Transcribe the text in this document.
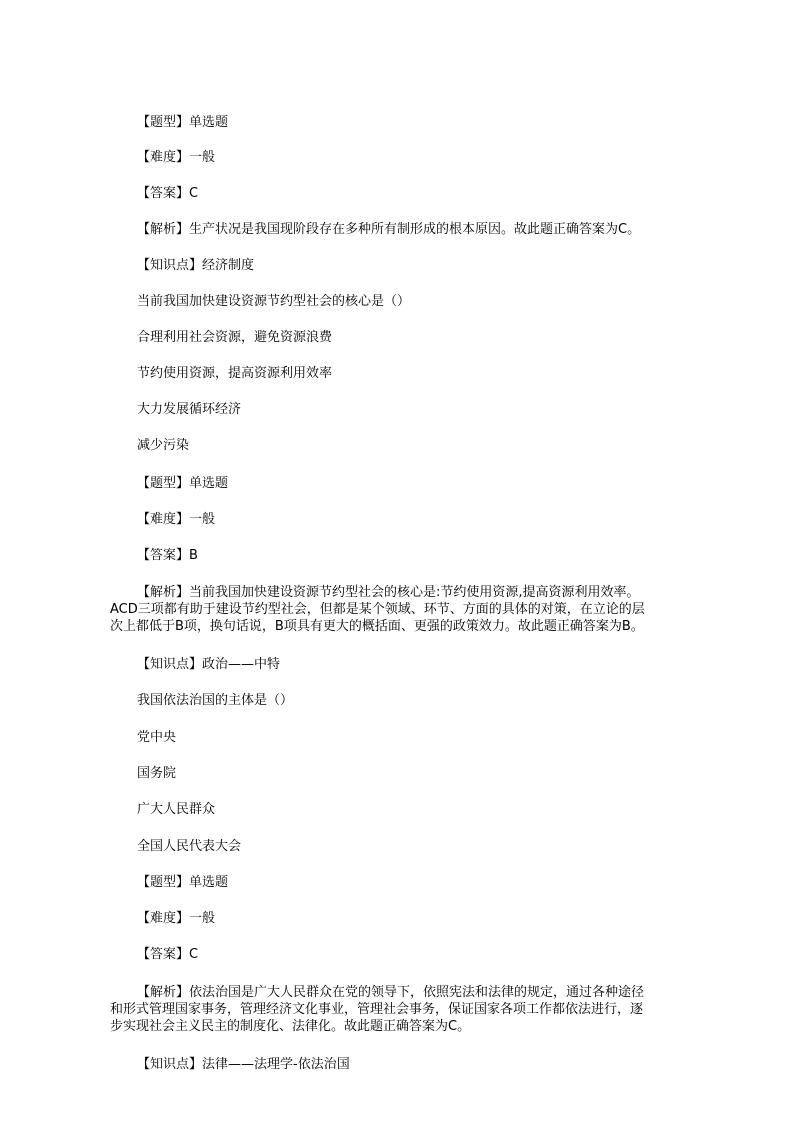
【题型】单选题
【难度】一般
【答案】C
【解析】生产状况是我国现阶段存在多种所有制形成的根本原因。故此题正确答案为C。
【知识点】经济制度
当前我国加快建设资源节约型社会的核心是（）
合理利用社会资源，避免资源浪费
节约使用资源，提高资源利用效率
大力发展循环经济
减少污染
【题型】单选题
【难度】一般
【答案】B
【解析】当前我国加快建设资源节约型社会的核心是:节约使用资源,提高资源利用效率。
ACD三项都有助于建设节约型社会，但都是某个领域、环节、方面的具体的对策，在立论的层
次上都低于B项，换句话说，B项具有更大的概括面、更强的政策效力。故此题正确答案为B。
【知识点】政治——中特
我国依法治国的主体是（）
党中央
国务院
广大人民群众
全国人民代表大会
【题型】单选题
【难度】一般
【答案】C
【解析】依法治国是广大人民群众在党的领导下，依照宪法和法律的规定，通过各种途径
和形式管理国家事务，管理经济文化事业，管理社会事务，保证国家各项工作都依法进行，逐
步实现社会主义民主的制度化、法律化。故此题正确答案为C。
【知识点】法律——法理学-依法治国
